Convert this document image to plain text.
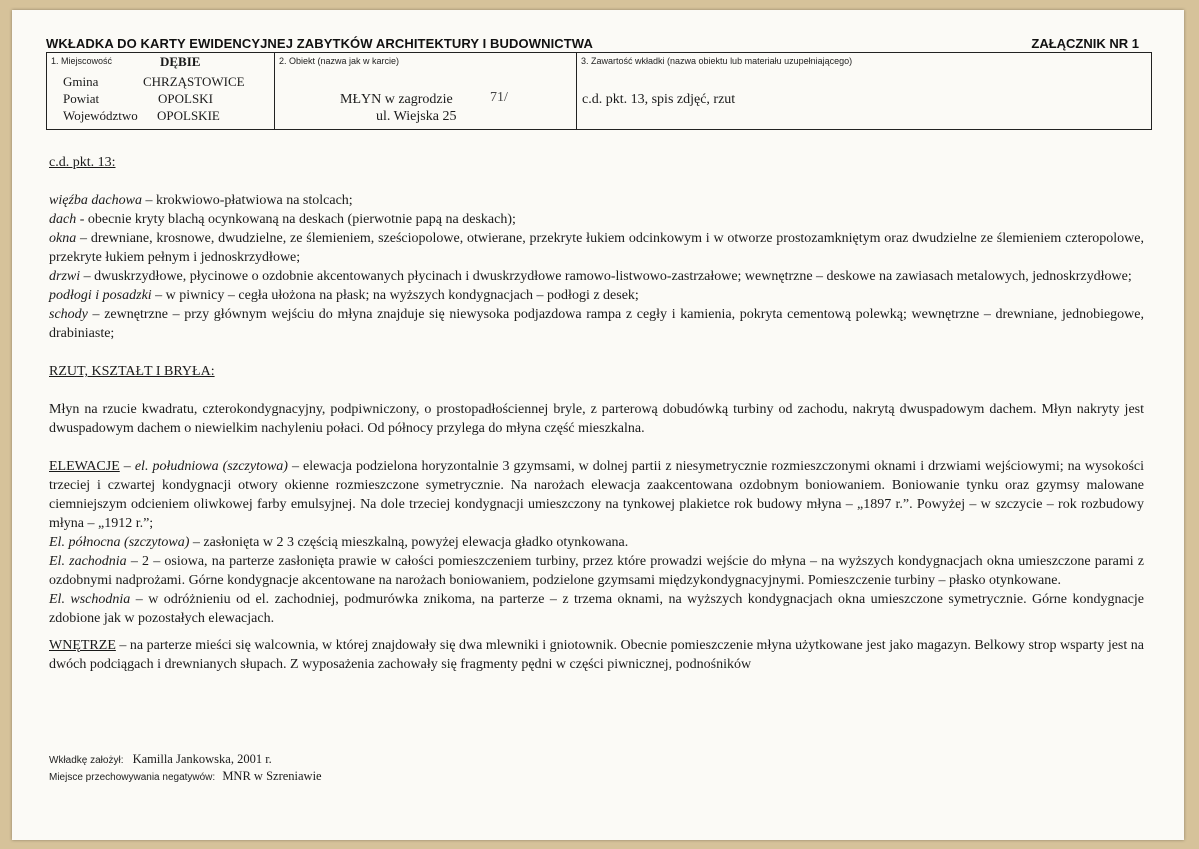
WKŁADKA DO KARTY EWIDENCYJNEJ ZABYTKÓW ARCHITEKTURY I BUDOWNICTWA	ZAŁĄCZNIK NR 1
1. Miejscowość	DĘBIE
Gmina	CHRZĄSTOWICE
Powiat	OPOLSKI
Województwo OPOLSKIE
2. Obiekt (nazwa jak w karcie)
MŁYN w zagrodzie	71/
ul. Wiejska 25
3. Zawartość wkładki (nazwa obiektu lub materiału uzupełniającego)
c.d. pkt. 13, spis zdjęć, rzut

c.d. pkt. 13:

więźba dachowa – krokwiowo-płatwiowa na stolcach;

dach - obecnie kryty blachą ocynkowaną na deskach (pierwotnie papą na deskach);

okna – drewniane, krosnowe, dwudzielne, ze ślemieniem, sześciopolowe, otwierane, przekryte łukiem odcinkowym i w otworze prostozamkniętym oraz dwudzielne ze ślemieniem czteropolowe, przekryte łukiem pełnym i jednoskrzydłowe;

drzwi – dwuskrzydłowe, płycinowe o ozdobnie akcentowanych płycinach i dwuskrzydłowe ramowo-listwowo-zastrzałowe; wewnętrzne – deskowe na zawiasach metalowych, jednoskrzydłowe;

podłogi i posadzki – w piwnicy – cegła ułożona na płask; na wyższych kondygnacjach – podłogi z desek;

schody – zewnętrzne – przy głównym wejściu do młyna znajduje się niewysoka podjazdowa rampa z cegły i kamienia, pokryta cementową polewką; wewnętrzne – drewniane, jednobiegowe, drabiniaste;

RZUT, KSZTAŁT I BRYŁA:

Młyn na rzucie kwadratu, czterokondygnacyjny, podpiwniczony, o prostopadłościennej bryle, z parterową dobudówką turbiny od zachodu, nakrytą dwuspadowym dachem. Młyn nakryty jest dwuspadowym dachem o niewielkim nachyleniu połaci. Od północy przylega do młyna część mieszkalna.

ELEWACJE – el. południowa (szczytowa) – elewacja podzielona horyzontalnie 3 gzymsami, w dolnej partii z niesymetrycznie rozmieszczonymi oknami i drzwiami wejściowymi; na wysokości trzeciej i czwartej kondygnacji otwory okienne rozmieszczone symetrycznie. Na narożach elewacja zaakcentowana ozdobnym boniowaniem. Boniowanie tynku oraz gzymsy malowane ciemniejszym odcieniem oliwkowej farby emulsyjnej. Na dole trzeciej kondygnacji umieszczony na tynkowej plakietce rok budowy młyna – „1897 r.”. Powyżej – w szczycie – rok rozbudowy młyna – „1912 r.”;

El. północna (szczytowa) – zasłonięta w 2 3 częścią mieszkalną, powyżej elewacja gładko otynkowana.

El. zachodnia – 2 – osiowa, na parterze zasłonięta prawie w całości pomieszczeniem turbiny, przez które prowadzi wejście do młyna – na wyższych kondygnacjach okna umieszczone parami z ozdobnymi nadprożami. Górne kondygnacje akcentowane na narożach boniowaniem, podzielone gzymsami międzykondygnacyjnymi. Pomieszczenie turbiny – płasko otynkowane.

El. wschodnia – w odróżnieniu od el. zachodniej, podmurówka znikoma, na parterze – z trzema oknami, na wyższych kondygnacjach okna umieszczone symetrycznie. Górne kondygnacje zdobione jak w pozostałych elewacjach.

WNĘTRZE – na parterze mieści się walcownia, w której znajdowały się dwa mlewniki i gniotownik. Obecnie pomieszczenie młyna użytkowane jest jako magazyn. Belkowy strop wsparty jest na dwóch podciągach i drewnianych słupach. Z wyposażenia zachowały się fragmenty pędni w części piwnicznej, podnośników

Wkładkę założył: Kamilla Jankowska, 2001 r.
Miejsce przechowywania negatywów: MNR w Szreniawie
